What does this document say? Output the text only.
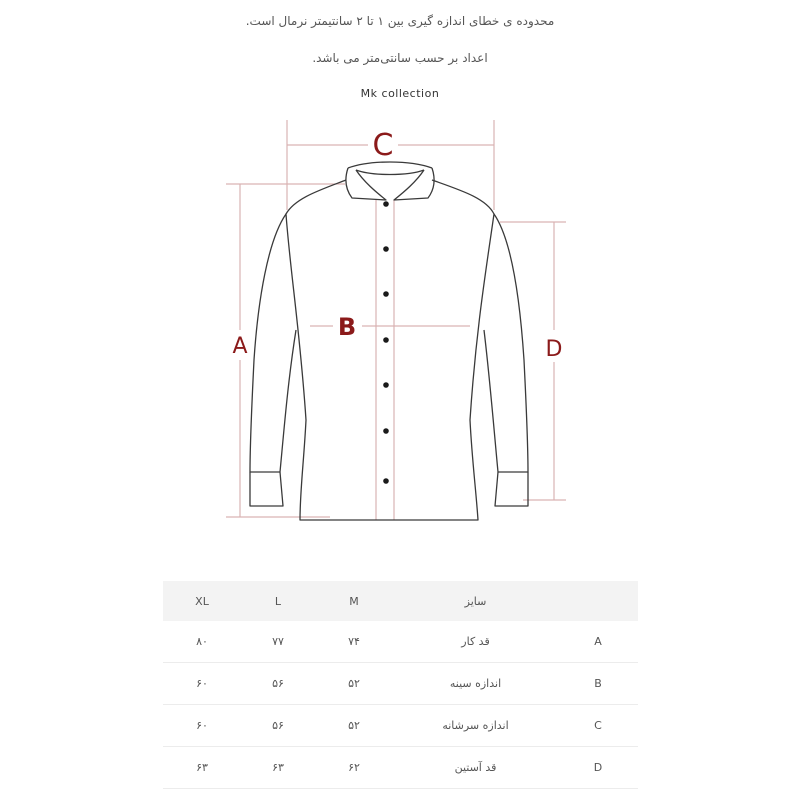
محدوده ی خطای اندازه گیری بین ۱ تا ۲ سانتیمتر نرمال است.
اعداد بر حسب سانتی‌متر می باشد.
Mk collection
C
A
B
D
XL	L	M	سایز	
۸۰	۷۷	۷۴	قد کار	A
۶۰	۵۶	۵۲	اندازه سینه	B
۶۰	۵۶	۵۲	اندازه سرشانه	C
۶۳	۶۳	۶۲	قد آستین	D
